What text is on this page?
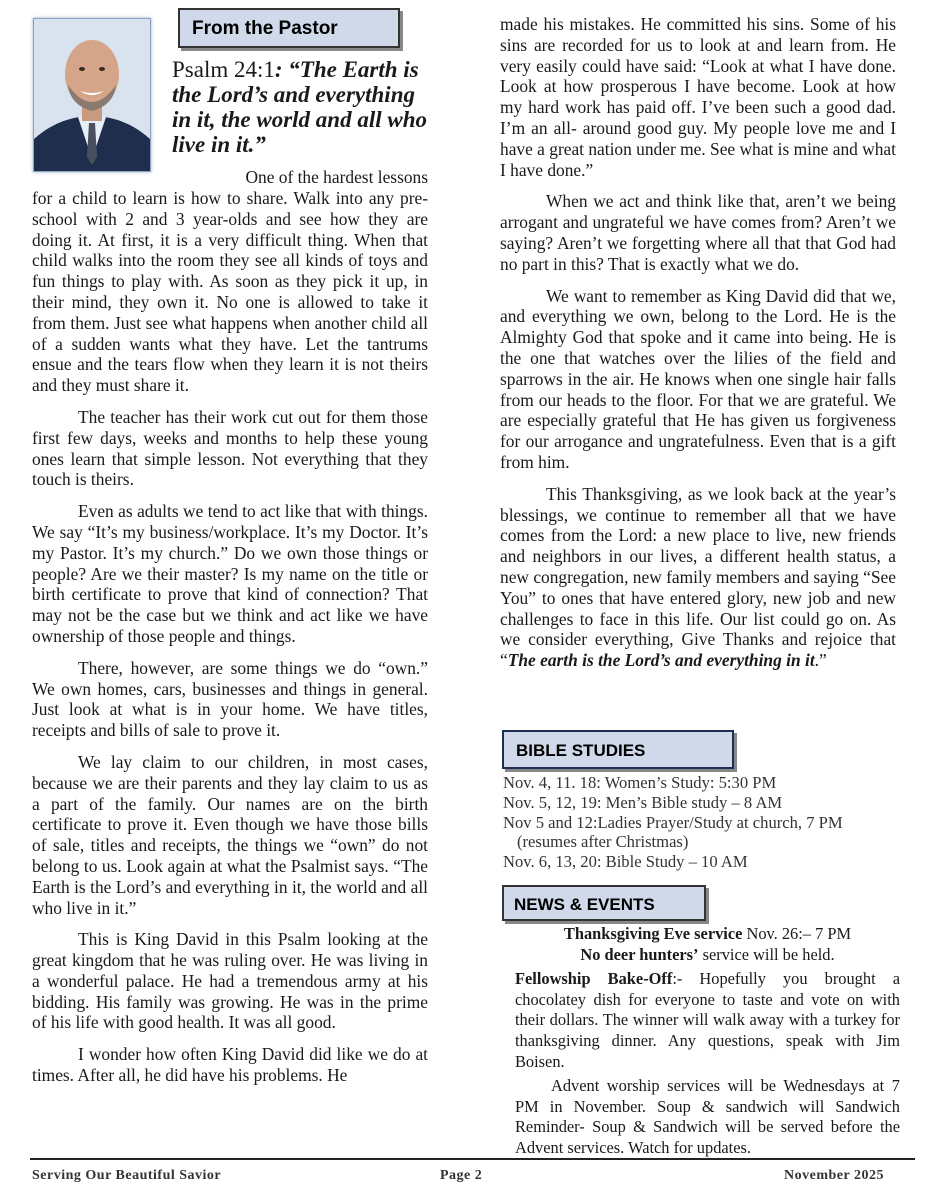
From the Pastor
Psalm 24:1: “The Earth is the Lord’s and everything in it, the world and all who live in it.”

One of the hardest lessons

for a child to learn is how to share. Walk into any pre-school with 2 and 3 year-olds and see how they are doing it. At first, it is a very difficult thing. When that child walks into the room they see all kinds of toys and fun things to play with. As soon as they pick it up, in their mind, they own it. No one is allowed to take it from them. Just see what happens when another child all of a sudden wants what they have. Let the tantrums ensue and the tears flow when they learn it is not theirs and they must share it.

The teacher has their work cut out for them those first few days, weeks and months to help these young ones learn that simple lesson. Not everything that they touch is theirs.

Even as adults we tend to act like that with things. We say “It’s my business/workplace. It’s my Doctor. It’s my Pastor. It’s my church.” Do we own those things or people? Are we their master? Is my name on the title or birth certificate to prove that kind of connection? That may not be the case but we think and act like we have ownership of those people and things.

There, however, are some things we do “own.” We own homes, cars, businesses and things in general. Just look at what is in your home. We have titles, receipts and bills of sale to prove it.

We lay claim to our children, in most cases, because we are their parents and they lay claim to us as a part of the family. Our names are on the birth certificate to prove it. Even though we have those bills of sale, titles and receipts, the things we “own” do not belong to us. Look again at what the Psalmist says. “The Earth is the Lord’s and everything in it, the world and all who live in it.”

This is King David in this Psalm looking at the great kingdom that he was ruling over. He was living in a wonderful palace. He had a tremendous army at his bidding. His family was growing. He was in the prime of his life with good health. It was all good.

I wonder how often King David did like we do at times. After all, he did have his problems. He

made his mistakes. He committed his sins. Some of his sins are recorded for us to look at and learn from. He very easily could have said: “Look at what I have done. Look at how prosperous I have become. Look at how my hard work has paid off. I’ve been such a good dad. I’m an all- around good guy. My people love me and I have a great nation under me. See what is mine and what I have done.”

When we act and think like that, aren’t we being arrogant and ungrateful we have comes from? Aren’t we saying? Aren’t we forgetting where all that that God had no part in this? That is exactly what we do.

We want to remember as King David did that we, and everything we own, belong to the Lord. He is the Almighty God that spoke and it came into being. He is the one that watches over the lilies of the field and sparrows in the air. He knows when one single hair falls from our heads to the floor. For that we are grateful. We are especially grateful that He has given us forgiveness for our arrogance and ungratefulness. Even that is a gift from him.

This Thanksgiving, as we look back at the year’s blessings, we continue to remember all that we have comes from the Lord: a new place to live, new friends and neighbors in our lives, a different health status, a new congregation, new family members and saying “See You” to ones that have entered glory, new job and new challenges to face in this life. Our list could go on. As we consider everything, Give Thanks and rejoice that “The earth is the Lord’s and everything in it.”

BIBLE STUDIES
Nov. 4, 11. 18: Women’s Study: 5:30 PM
Nov. 5, 12, 19: Men’s Bible study – 8 AM
Nov 5 and 12:Ladies Prayer/Study at church, 7 PM
(resumes after Christmas)
Nov. 6, 13, 20: Bible Study – 10 AM
NEWS & EVENTS

Thanksgiving Eve service Nov. 26:– 7 PM

No deer hunters’ service will be held.

Fellowship Bake-Off:- Hopefully you brought a chocolatey dish for everyone to taste and vote on with their dollars. The winner will walk away with a turkey for thanksgiving dinner. Any questions, speak with Jim Boisen.

Advent worship services will be Wednesdays at 7 PM in November. Soup & sandwich will Sandwich Reminder- Soup & Sandwich will be served before the Advent services. Watch for updates.

Serving Our Beautiful Savior	Page 2	November 2025
